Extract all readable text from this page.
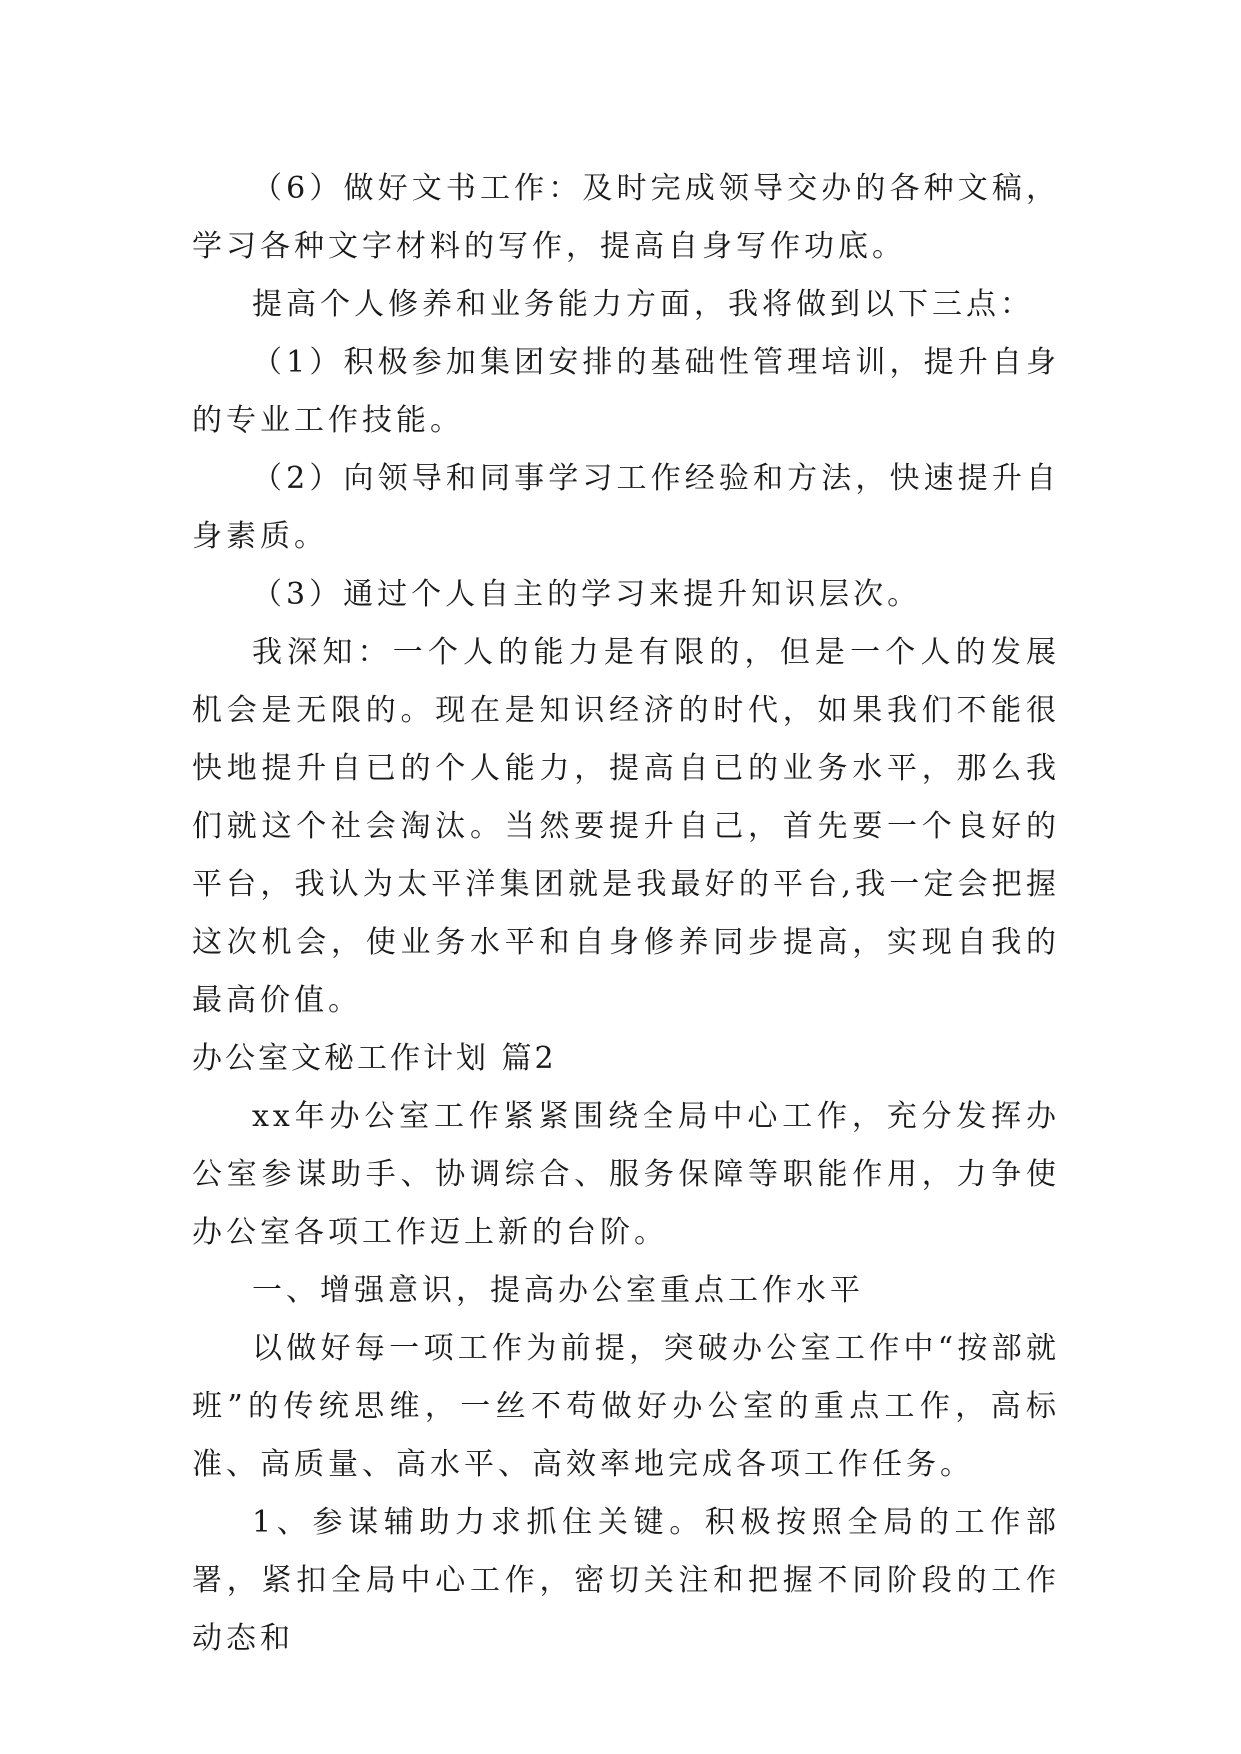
（6）做好文书工作：及时完成领导交办的各种文稿，学习各种文字材料的写作，提高自身写作功底。

提高个人修养和业务能力方面，我将做到以下三点：

（1）积极参加集团安排的基础性管理培训，提升自身的专业工作技能。

（2）向领导和同事学习工作经验和方法，快速提升自身素质。

（3）通过个人自主的学习来提升知识层次。

我深知：一个人的能力是有限的，但是一个人的发展机会是无限的。现在是知识经济的时代，如果我们不能很快地提升自已的个人能力，提高自已的业务水平，那么我们就这个社会淘汰。当然要提升自己，首先要一个良好的平台，我认为太平洋集团就是我最好的平台,我一定会把握这次机会，使业务水平和自身修养同步提高，实现自我的最高价值。

办公室文秘工作计划 篇2

xx年办公室工作紧紧围绕全局中心工作，充分发挥办公室参谋助手、协调综合、服务保障等职能作用，力争使办公室各项工作迈上新的台阶。

一、增强意识，提高办公室重点工作水平

以做好每一项工作为前提，突破办公室工作中“按部就班”的传统思维，一丝不苟做好办公室的重点工作，高标准、高质量、高水平、高效率地完成各项工作任务。

1、参谋辅助力求抓住关键。积极按照全局的工作部署，紧扣全局中心工作，密切关注和把握不同阶段的工作动态和
